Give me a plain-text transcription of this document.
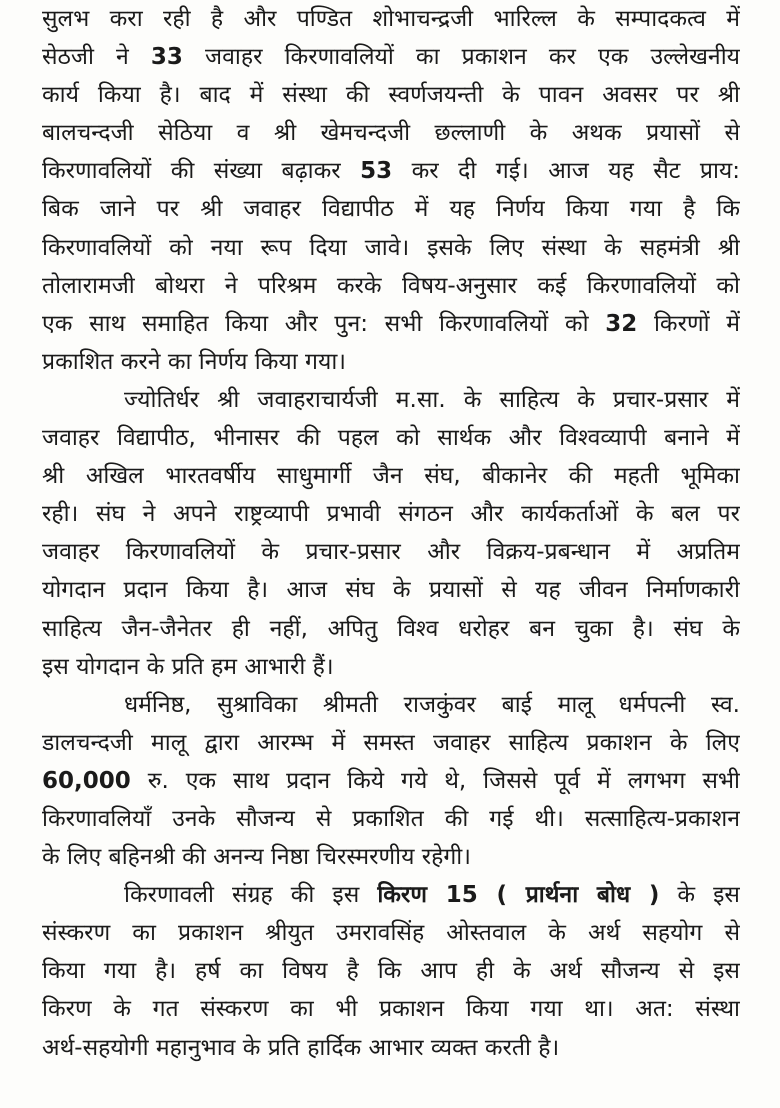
सुलभ करा रही है और पण्डित शोभाचन्द्रजी भारिल्ल के सम्पादकत्व में
सेठजी ने 33 जवाहर किरणावलियों का प्रकाशन कर एक उल्लेखनीय
कार्य किया है। बाद में संस्था की स्वर्णजयन्ती के पावन अवसर पर श्री
बालचन्दजी सेठिया व श्री खेमचन्दजी छल्लाणी के अथक प्रयासों से
किरणावलियों की संख्या बढ़ाकर 53 कर दी गई। आज यह सैट प्राय:
बिक जाने पर श्री जवाहर विद्यापीठ में यह निर्णय किया गया है कि
किरणावलियों को नया रूप दिया जावे। इसके लिए संस्था के सहमंत्री श्री
तोलारामजी बोथरा ने परिश्रम करके विषय-अनुसार कई किरणावलियों को
एक साथ समाहित किया और पुन: सभी किरणावलियों को 32 किरणों में
प्रकाशित करने का निर्णय किया गया।
ज्योतिर्धर श्री जवाहराचार्यजी म.सा. के साहित्य के प्रचार-प्रसार में
जवाहर विद्यापीठ, भीनासर की पहल को सार्थक और विश्वव्यापी बनाने में
श्री अखिल भारतवर्षीय साधुमार्गी जैन संघ, बीकानेर की महती भूमिका
रही। संघ ने अपने राष्ट्रव्यापी प्रभावी संगठन और कार्यकर्ताओं के बल पर
जवाहर किरणावलियों के प्रचार-प्रसार और विक्रय-प्रबन्धान में अप्रतिम
योगदान प्रदान किया है। आज संघ के प्रयासों से यह जीवन निर्माणकारी
साहित्य जैन-जैनेतर ही नहीं, अपितु विश्व धरोहर बन चुका है। संघ के
इस योगदान के प्रति हम आभारी हैं।
धर्मनिष्ठ, सुश्राविका श्रीमती राजकुंवर बाई मालू धर्मपत्नी स्व.
डालचन्दजी मालू द्वारा आरम्भ में समस्त जवाहर साहित्य प्रकाशन के लिए
60,000 रु. एक साथ प्रदान किये गये थे, जिससे पूर्व में लगभग सभी
किरणावलियाँ उनके सौजन्य से प्रकाशित की गई थी। सत्साहित्य-प्रकाशन
के लिए बहिनश्री की अनन्य निष्ठा चिरस्मरणीय रहेगी।
किरणावली संग्रह की इस किरण 15 ( प्रार्थना बोध ) के इस
संस्करण का प्रकाशन श्रीयुत उमरावसिंह ओस्तवाल के अर्थ सहयोग से
किया गया है। हर्ष का विषय है कि आप ही के अर्थ सौजन्य से इस
किरण के गत संस्करण का भी प्रकाशन किया गया था। अत: संस्था
अर्थ-सहयोगी महानुभाव के प्रति हार्दिक आभार व्यक्त करती है।
